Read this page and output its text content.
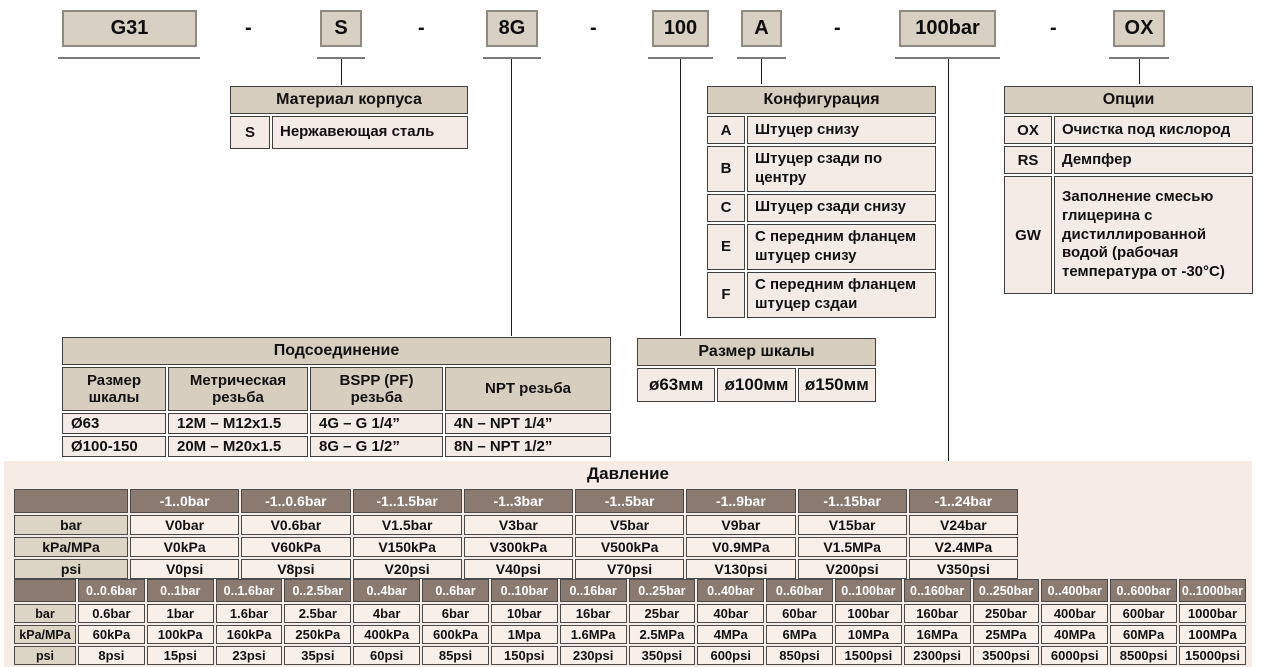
G31	-	S	-	8G	-	100	A	-	100bar	-	OX
Материал корпуса
S	Нержавеющая сталь
Конфигурация	
A	Штуцер снизу
B	Штуцер сзади по центру
C	Штуцер сзади снизу
E	С передним фланцем штуцер снизу
F	С передним фланцем штуцер сздаи
Опции	
OX	Очистка под кислород
RS	Демпфер
GW	Заполнение смесью глицерина с дистиллированной водой (рабочая температура от -30°С)
Подсоединение			
Размер шкалы	Метрическая резьба	BSPP (PF) резьба	NPT резьба
Ø63	12M – M12x1.5	4G – G 1/4”	4N – NPT 1/4”
Ø100-150	20M – M20x1.5	8G – G 1/2”	8N – NPT 1/2”
Размер шкалы
ø63мм	ø100мм	ø150мм
Давление
	-1..0bar	-1..0.6bar	-1..1.5bar	-1..3bar	-1..5bar	-1..9bar	-1..15bar	-1..24bar
bar	V0bar	V0.6bar	V1.5bar	V3bar	V5bar	V9bar	V15bar	V24bar
kPa/MPa	V0kPa	V60kPa	V150kPa	V300kPa	V500kPa	V0.9MPa	V1.5MPa	V2.4MPa
psi	V0psi	V8psi	V20psi	V40psi	V70psi	V130psi	V200psi	V350psi
	0..0.6bar	0..1bar	0..1.6bar	0..2.5bar	0..4bar	0..6bar	0..10bar	0..16bar	0..25bar	0..40bar	0..60bar	0..100bar	0..160bar	0..250bar	0..400bar	0..600bar	0..1000bar
bar	0.6bar	1bar	1.6bar	2.5bar	4bar	6bar	10bar	16bar	25bar	40bar	60bar	100bar	160bar	250bar	400bar	600bar	1000bar
kPa/MPa	60kPa	100kPa	160kPa	250kPa	400kPa	600kPa	1Mpa	1.6MPa	2.5MPa	4MPa	6MPa	10MPa	16MPa	25MPa	40MPa	60MPa	100MPa
psi	8psi	15psi	23psi	35psi	60psi	85psi	150psi	230psi	350psi	600psi	850psi	1500psi	2300psi	3500psi	6000psi	8500psi	15000psi
